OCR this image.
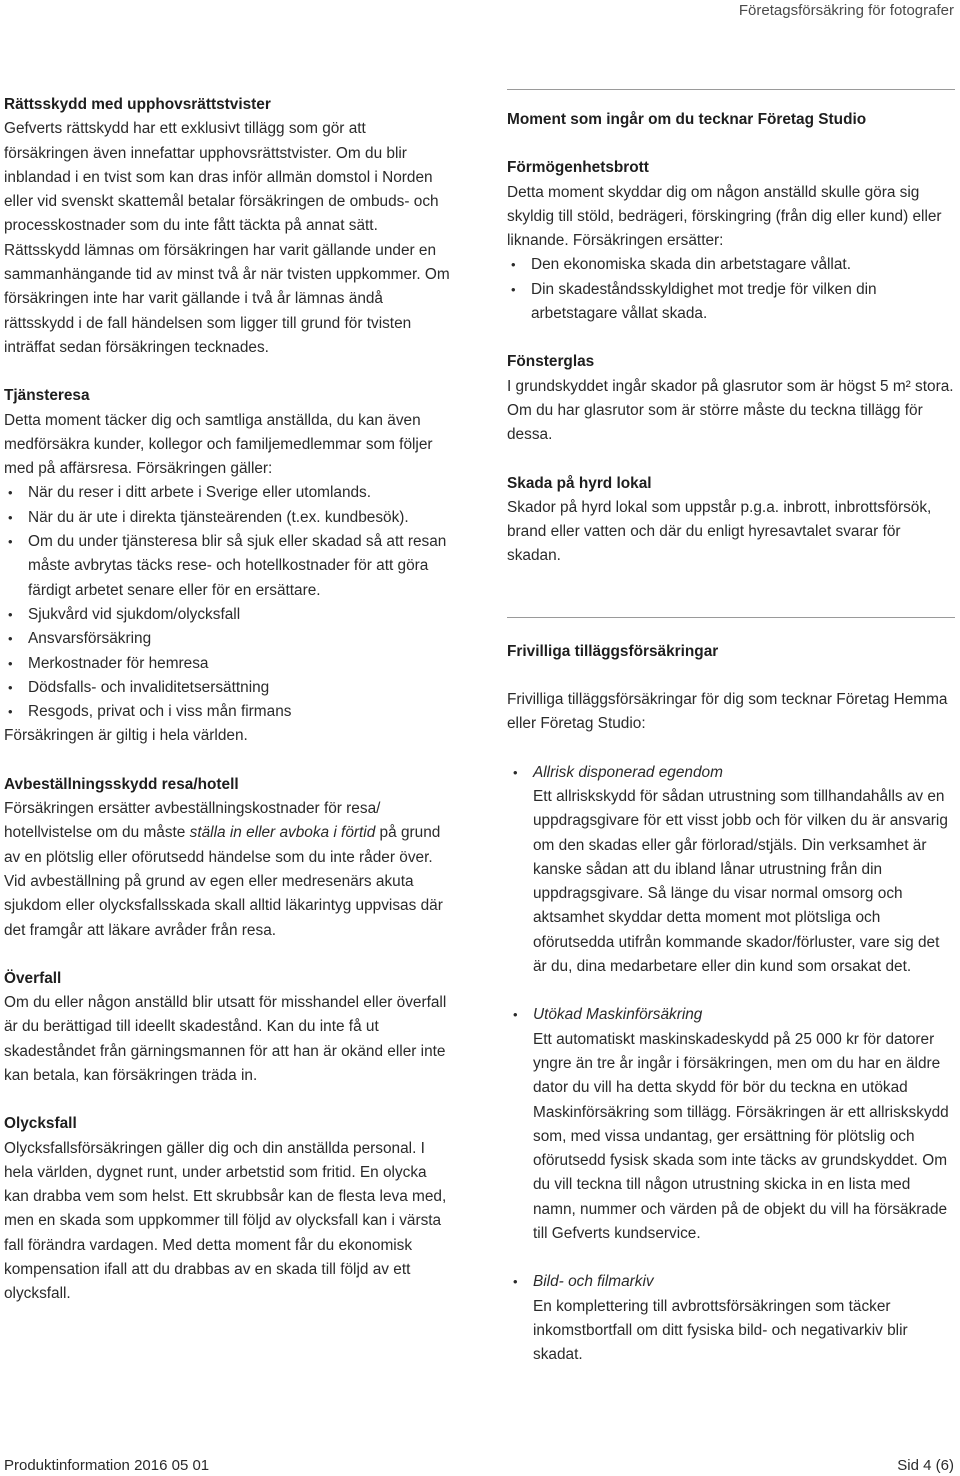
Företagsförsäkring för fotografer
Rättsskydd med upphovsrättstvister

Gefverts rättskydd har ett exklusivt tillägg som gör att försäkringen även innefattar upphovsrättstvister. Om du blir inblandad i en tvist som kan dras inför allmän domstol i Norden eller vid svenskt skattemål betalar försäkringen de ombuds- och processkostnader som du inte fått täckta på annat sätt.

Rättsskydd lämnas om försäkringen har varit gällande under en sammanhängande tid av minst två år när tvisten uppkommer. Om försäkringen inte har varit gällande i två år lämnas ändå rättsskydd i de fall händelsen som ligger till grund för tvisten inträffat sedan försäkringen tecknades.

Tjänsteresa

Detta moment täcker dig och samtliga anställda, du kan även medförsäkra kunder, kollegor och familjemedlemmar som följer med på affärsresa. Försäkringen gäller:

• När du reser i ditt arbete i Sverige eller utomlands.
• När du är ute i direkta tjänsteärenden (t.ex. kundbesök).
• Om du under tjänsteresa blir så sjuk eller skadad så att resan måste avbrytas täcks rese- och hotellkostnader för att göra färdigt arbetet senare eller för en ersättare.
• Sjukvård vid sjukdom/olycksfall
• Ansvarsförsäkring
• Merkostnader för hemresa
• Dödsfalls- och invaliditetsersättning
• Resgods, privat och i viss mån firmans

Försäkringen är giltig i hela världen.

Avbeställningsskydd resa/hotell

Försäkringen ersätter avbeställningskostnader för resa/ hotellvistelse om du måste ställa in eller avboka i förtid på grund av en plötslig eller oförutsedd händelse som du inte råder över. Vid avbeställning på grund av egen eller medresenärs akuta sjukdom eller olycksfallsskada skall alltid läkarintyg uppvisas där det framgår att läkare avråder från resa.

Överfall

Om du eller någon anställd blir utsatt för misshandel eller överfall är du berättigad till ideellt skadestånd. Kan du inte få ut skadeståndet från gärningsmannen för att han är okänd eller inte kan betala, kan försäkringen träda in.

Olycksfall

Olycksfallsförsäkringen gäller dig och din anställda personal. I hela världen, dygnet runt, under arbetstid som fritid. En olycka kan drabba vem som helst. Ett skrubbsår kan de flesta leva med, men en skada som uppkommer till följd av olycksfall kan i värsta fall förändra vardagen. Med detta moment får du ekonomisk kompensation ifall att du drabbas av en skada till följd av ett olycksfall.

Moment som ingår om du tecknar Företag Studio
Förmögenhetsbrott

Detta moment skyddar dig om någon anställd skulle göra sig skyldig till stöld, bedrägeri, förskingring (från dig eller kund) eller liknande. Försäkringen ersätter:

• Den ekonomiska skada din arbetstagare vållat.
• Din skadeståndsskyldighet mot tredje för vilken din arbetstagare vållat skada.
Fönsterglas

I grundskyddet ingår skador på glasrutor som är högst 5 m² stora. Om du har glasrutor som är större måste du teckna tillägg för dessa.

Skada på hyrd lokal

Skador på hyrd lokal som uppstår p.g.a. inbrott, inbrottsförsök, brand eller vatten och där du enligt hyresavtalet svarar för skadan.

Frivilliga tilläggsförsäkringar

Frivilliga tilläggsförsäkringar för dig som tecknar Företag Hemma eller Företag Studio:

• Allrisk disponerad egendom
Ett allriskskydd för sådan utrustning som tillhandahålls av en uppdragsgivare för ett visst jobb och för vilken du är ansvarig om den skadas eller går förlorad/stjäls. Din verksamhet är kanske sådan att du ibland lånar utrustning från din uppdragsgivare. Så länge du visar normal omsorg och aktsamhet skyddar detta moment mot plötsliga och oförutsedda utifrån kommande skador/förluster, vare sig det är du, dina medarbetare eller din kund som orsakat det.
• Utökad Maskinförsäkring
Ett automatiskt maskinskadeskydd på 25 000 kr för datorer yngre än tre år ingår i försäkringen, men om du har en äldre dator du vill ha detta skydd för bör du teckna en utökad Maskinförsäkring som tillägg. Försäkringen är ett allriskskydd som, med vissa undantag, ger ersättning för plötslig och oförutsedd fysisk skada som inte täcks av grundskyddet. Om du vill teckna till någon utrustning skicka in en lista med namn, nummer och värden på de objekt du vill ha försäkrade till Gefverts kundservice.
• Bild- och filmarkiv
En komplettering till avbrottsförsäkringen som täcker inkomstbortfall om ditt fysiska bild- och negativarkiv blir skadat.
Produktinformation 2016 05 01	Sid 4 (6)
